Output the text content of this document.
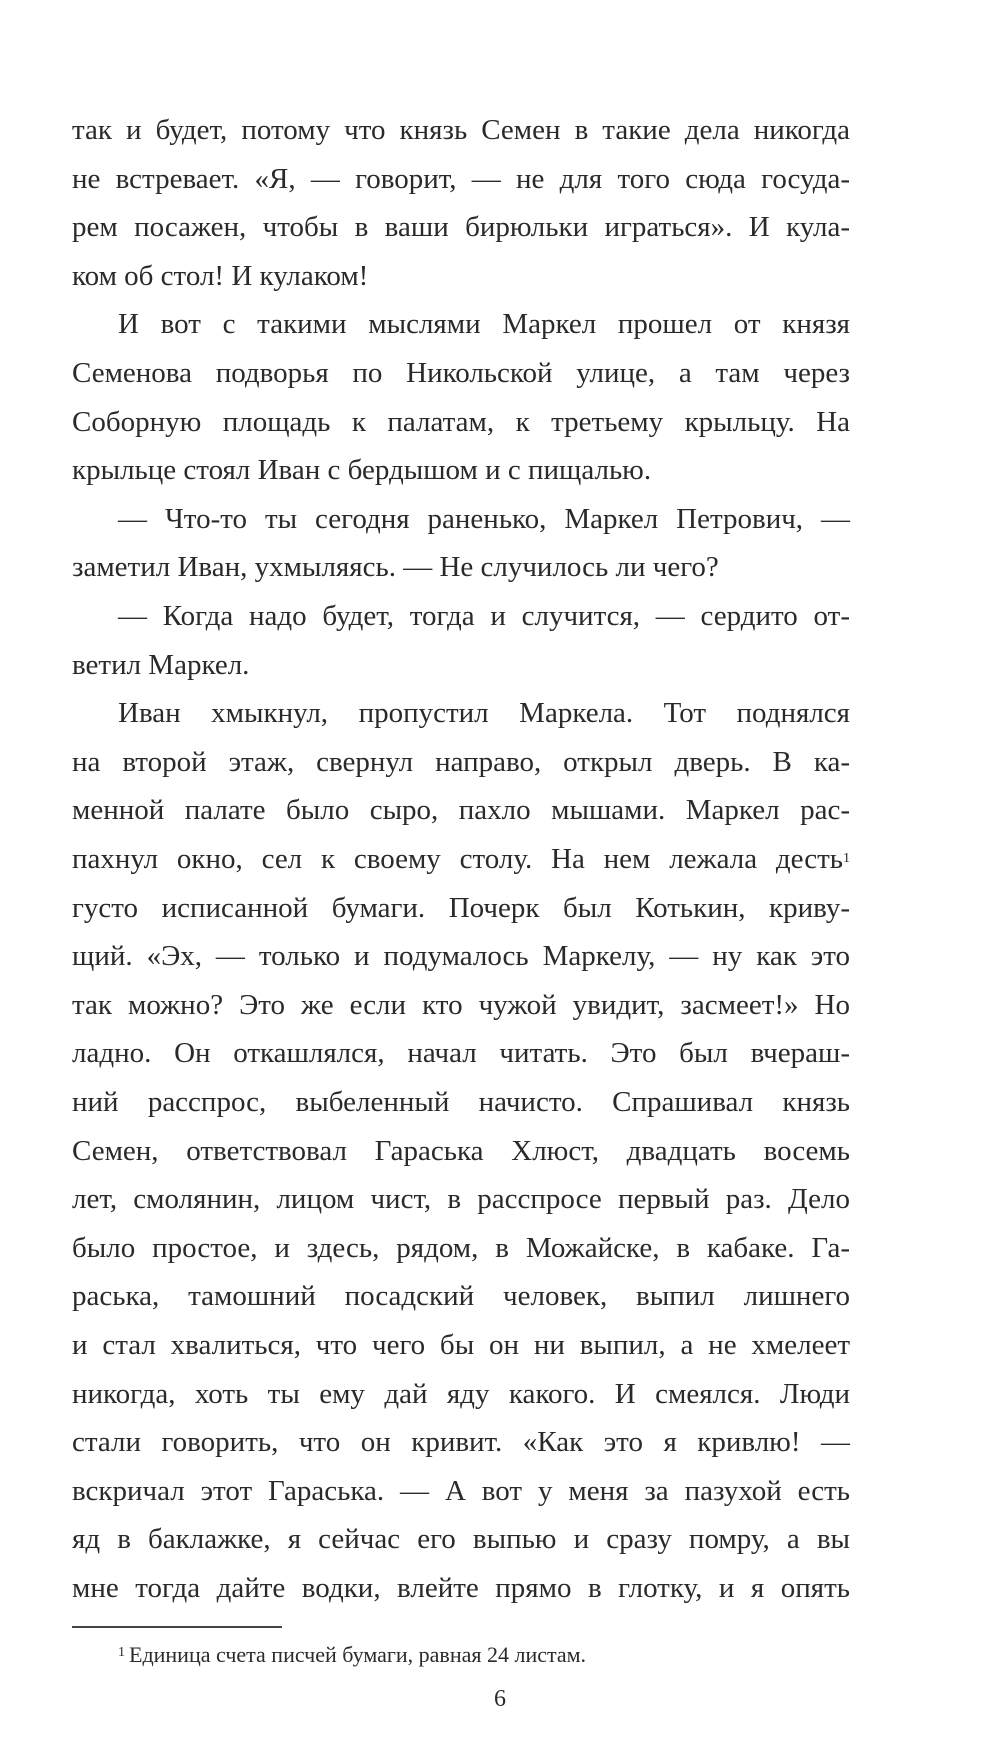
так и будет, потому что князь Семен в такие дела никогда
не встревает. «Я, — говорит, — не для того сюда госуда-
рем посажен, чтобы в ваши бирюльки играться». И кула-
ком об стол! И кулаком!
И вот с такими мыслями Маркел прошел от князя
Семенова подворья по Никольской улице, а там через
Соборную площадь к палатам, к третьему крыльцу. На
крыльце стоял Иван с бердышом и с пищалью.
— Что-то ты сегодня раненько, Маркел Петрович, —
заметил Иван, ухмыляясь. — Не случилось ли чего?
— Когда надо будет, тогда и случится, — сердито от-
ветил Маркел.
Иван хмыкнул, пропустил Маркела. Тот поднялся
на второй этаж, свернул направо, открыл дверь. В ка-
менной палате было сыро, пахло мышами. Маркел рас-
пахнул окно, сел к своему столу. На нем лежала десть$^1$
густо исписанной бумаги. Почерк был Котькин, криву-
щий. «Эх, — только и подумалось Маркелу, — ну как это
так можно? Это же если кто чужой увидит, засмеет!» Но
ладно. Он откашлялся, начал читать. Это был вчераш-
ний расспрос, выбеленный начисто. Спрашивал князь
Семен, ответствовал Гараська Хлюст, двадцать восемь
лет, смолянин, лицом чист, в расспросе первый раз. Дело
было простое, и здесь, рядом, в Можайске, в кабаке. Га-
раська, тамошний посадский человек, выпил лишнего
и стал хвалиться, что чего бы он ни выпил, а не хмелеет
никогда, хоть ты ему дай яду какого. И смеялся. Люди
стали говорить, что он кривит. «Как это я кривлю! —
вскричал этот Гараська. — А вот у меня за пазухой есть
яд в баклажке, я сейчас его выпью и сразу помру, а вы
мне тогда дайте водки, влейте прямо в глотку, и я опять
$^1$ Единица счета писчей бумаги, равная 24 листам.
6
